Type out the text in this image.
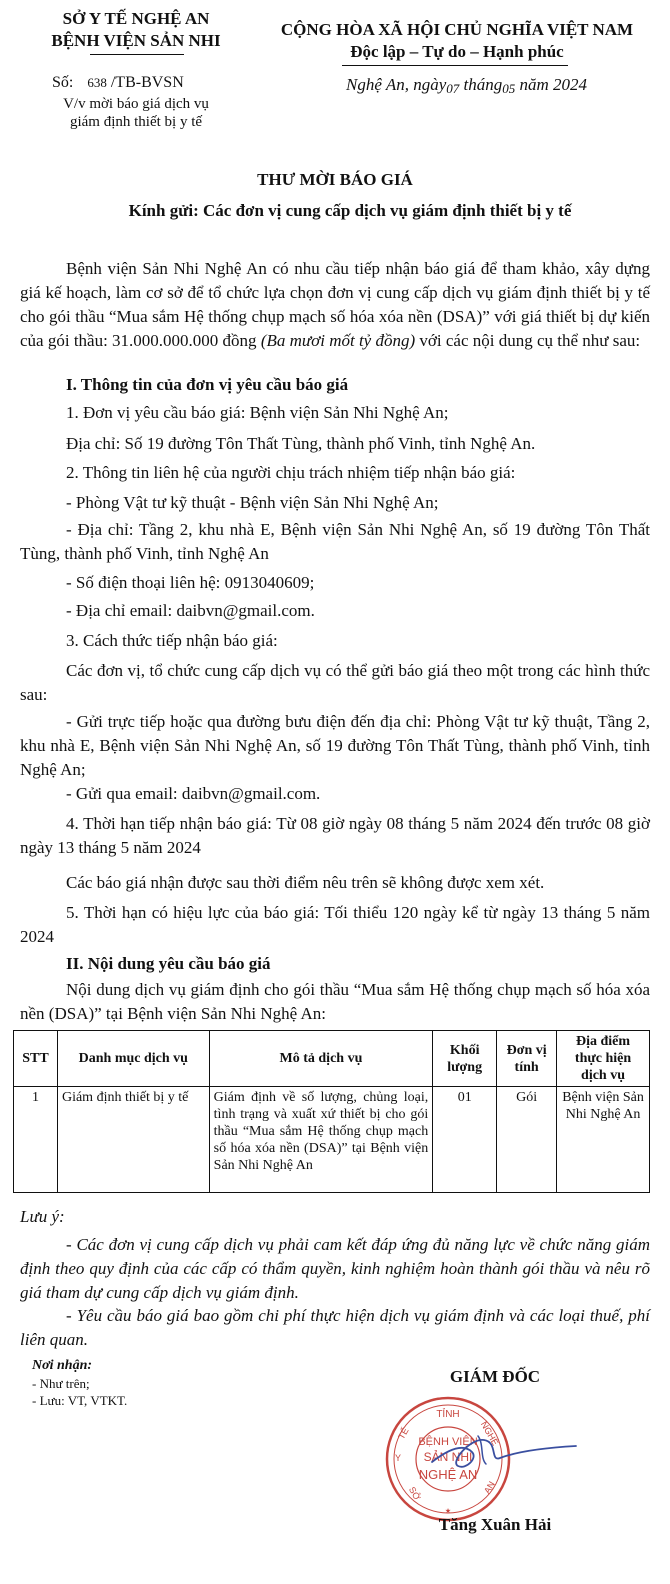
SỞ Y TẾ NGHỆ AN
BỆNH VIỆN SẢN NHI
Số: 638 /TB-BVSN
V/v mời báo giá dịch vụ
giám định thiết bị y tế
CỘNG HÒA XÃ HỘI CHỦ NGHĨA VIỆT NAM
Độc lập – Tự do – Hạnh phúc
Nghệ An, ngày07 tháng05 năm 2024
THƯ MỜI BÁO GIÁ
Kính gửi: Các đơn vị cung cấp dịch vụ giám định thiết bị y tế
Bệnh viện Sản Nhi Nghệ An có nhu cầu tiếp nhận báo giá để tham khảo, xây dựng giá kế hoạch, làm cơ sở để tổ chức lựa chọn đơn vị cung cấp dịch vụ giám định thiết bị y tế cho gói thầu “Mua sắm Hệ thống chụp mạch số hóa xóa nền (DSA)” với giá thiết bị dự kiến của gói thầu: 31.000.000.000 đồng (Ba mươi mốt tỷ đồng) với các nội dung cụ thể như sau:
I. Thông tin của đơn vị yêu cầu báo giá
1. Đơn vị yêu cầu báo giá: Bệnh viện Sản Nhi Nghệ An;
Địa chỉ: Số 19 đường Tôn Thất Tùng, thành phố Vinh, tỉnh Nghệ An.
2. Thông tin liên hệ của người chịu trách nhiệm tiếp nhận báo giá:
- Phòng Vật tư kỹ thuật - Bệnh viện Sản Nhi Nghệ An;
- Địa chỉ: Tầng 2, khu nhà E, Bệnh viện Sản Nhi Nghệ An, số 19 đường Tôn Thất Tùng, thành phố Vinh, tỉnh Nghệ An
- Số điện thoại liên hệ: 0913040609;
- Địa chỉ email: daibvn@gmail.com.
3. Cách thức tiếp nhận báo giá:
Các đơn vị, tổ chức cung cấp dịch vụ có thể gửi báo giá theo một trong các hình thức sau:
- Gửi trực tiếp hoặc qua đường bưu điện đến địa chỉ: Phòng Vật tư kỹ thuật, Tầng 2, khu nhà E, Bệnh viện Sản Nhi Nghệ An, số 19 đường Tôn Thất Tùng, thành phố Vinh, tỉnh Nghệ An;
- Gửi qua email: daibvn@gmail.com.
4. Thời hạn tiếp nhận báo giá: Từ 08 giờ ngày 08 tháng 5 năm 2024 đến trước 08 giờ ngày 13 tháng 5 năm 2024
Các báo giá nhận được sau thời điểm nêu trên sẽ không được xem xét.
5. Thời hạn có hiệu lực của báo giá: Tối thiểu 120 ngày kể từ ngày 13 tháng 5 năm 2024
II. Nội dung yêu cầu báo giá
Nội dung dịch vụ giám định cho gói thầu “Mua sắm Hệ thống chụp mạch số hóa xóa nền (DSA)” tại Bệnh viện Sản Nhi Nghệ An:
STT	Danh mục dịch vụ	Mô tả dịch vụ	Khối lượng	Đơn vị tính	Địa điểm thực hiện dịch vụ
1	Giám định thiết bị y tế	Giám định về số lượng, chủng loại, tình trạng và xuất xứ thiết bị cho gói thầu “Mua sắm Hệ thống chụp mạch số hóa xóa nền (DSA)” tại Bệnh viện Sản Nhi Nghệ An	01	Gói	Bệnh viện Sản Nhi Nghệ An
Lưu ý:
- Các đơn vị cung cấp dịch vụ phải cam kết đáp ứng đủ năng lực về chức năng giám định theo quy định của các cấp có thẩm quyền, kinh nghiệm hoàn thành gói thầu và nêu rõ giá tham dự cung cấp dịch vụ giám định.
- Yêu cầu báo giá bao gồm chi phí thực hiện dịch vụ giám định và các loại thuế, phí liên quan.
Nơi nhận:
- Như trên;
- Lưu: VT, VTKT.
GIÁM ĐỐC
TỈNH
NGHỆ
AN
TẾ
Y
SỞ
BỆNH VIỆN
SẢN NHI
NGHỆ AN
★
Tăng Xuân Hải
